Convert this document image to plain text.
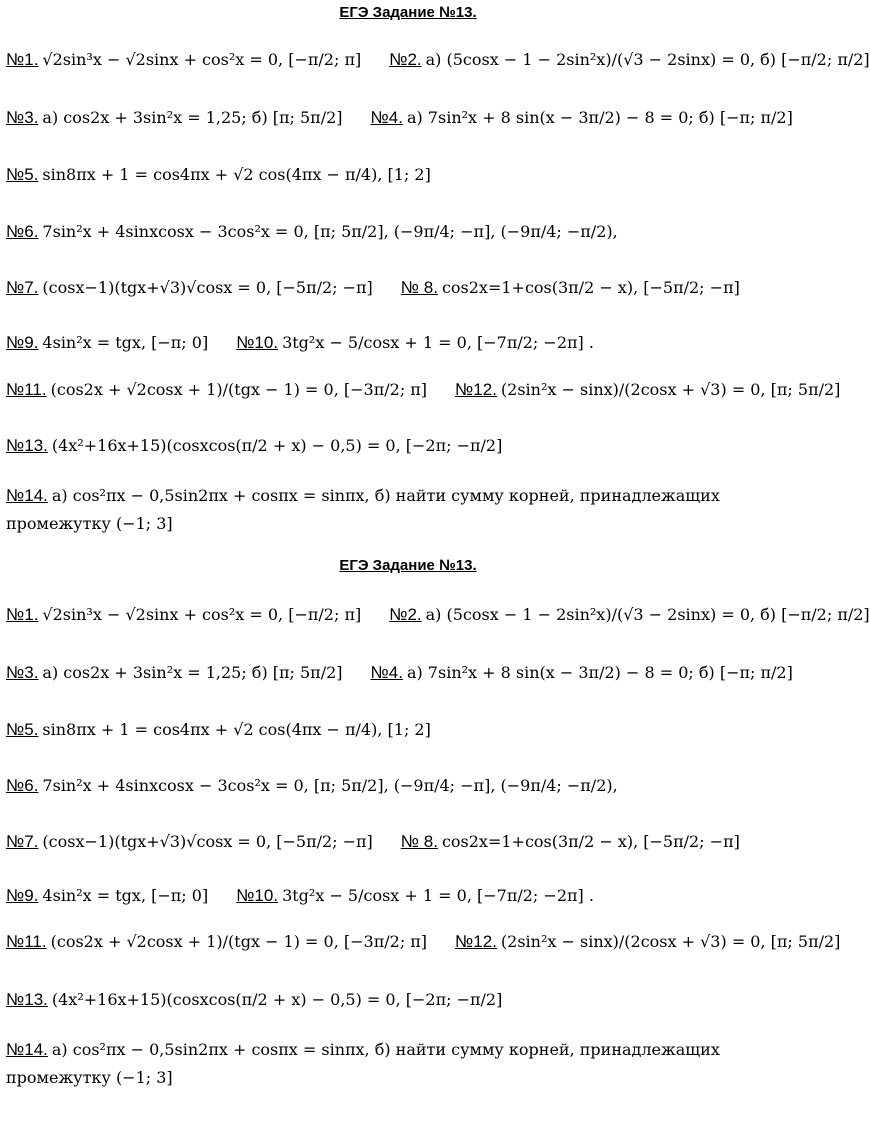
ЕГЭ Задание №13.
№1. √2sin³x − √2sinx + cos²x = 0, [−π/2; π] №2. а) (5cosx − 1 − 2sin²x)/(√3 − 2sinx) = 0, б) [−π/2; π/2]
№3. а) cos2x + 3sin²x = 1,25; б) [π; 5π/2] №4. а) 7sin²x + 8 sin(x − 3π/2) − 8 = 0; б) [−π; π/2]
№5. sin8πx + 1 = cos4πx + √2 cos(4πx − π/4), [1; 2]
№6. 7sin²x + 4sinxcosx − 3cos²x = 0, [π; 5π/2], (−9π/4; −π], (−9π/4; −π/2),
№7. (cosx−1)(tgx+√3)√cosx = 0, [−5π/2; −π] № 8. cos2x=1+cos(3π/2 − x), [−5π/2; −π]
№9. 4sin²x = tgx, [−π; 0] №10. 3tg²x − 5/cosx + 1 = 0, [−7π/2; −2π] .
№11. (cos2x + √2cosx + 1)/(tgx − 1) = 0, [−3π/2; π] №12. (2sin²x − sinx)/(2cosx + √3) = 0, [π; 5π/2]
№13. (4x²+16x+15)(cosxcos(π/2 + x) − 0,5) = 0, [−2π; −π/2]
№14. а) cos²πx − 0,5sin2πx + cosπx = sinπx, б) найти сумму корней, принадлежащих промежутку (−1; 3]
ЕГЭ Задание №13.
№1. √2sin³x − √2sinx + cos²x = 0, [−π/2; π] №2. а) (5cosx − 1 − 2sin²x)/(√3 − 2sinx) = 0, б) [−π/2; π/2]
№3. а) cos2x + 3sin²x = 1,25; б) [π; 5π/2] №4. а) 7sin²x + 8 sin(x − 3π/2) − 8 = 0; б) [−π; π/2]
№5. sin8πx + 1 = cos4πx + √2 cos(4πx − π/4), [1; 2]
№6. 7sin²x + 4sinxcosx − 3cos²x = 0, [π; 5π/2], (−9π/4; −π], (−9π/4; −π/2),
№7. (cosx−1)(tgx+√3)√cosx = 0, [−5π/2; −π] № 8. cos2x=1+cos(3π/2 − x), [−5π/2; −π]
№9. 4sin²x = tgx, [−π; 0] №10. 3tg²x − 5/cosx + 1 = 0, [−7π/2; −2π] .
№11. (cos2x + √2cosx + 1)/(tgx − 1) = 0, [−3π/2; π] №12. (2sin²x − sinx)/(2cosx + √3) = 0, [π; 5π/2]
№13. (4x²+16x+15)(cosxcos(π/2 + x) − 0,5) = 0, [−2π; −π/2]
№14. а) cos²πx − 0,5sin2πx + cosπx = sinπx, б) найти сумму корней, принадлежащих промежутку (−1; 3]
